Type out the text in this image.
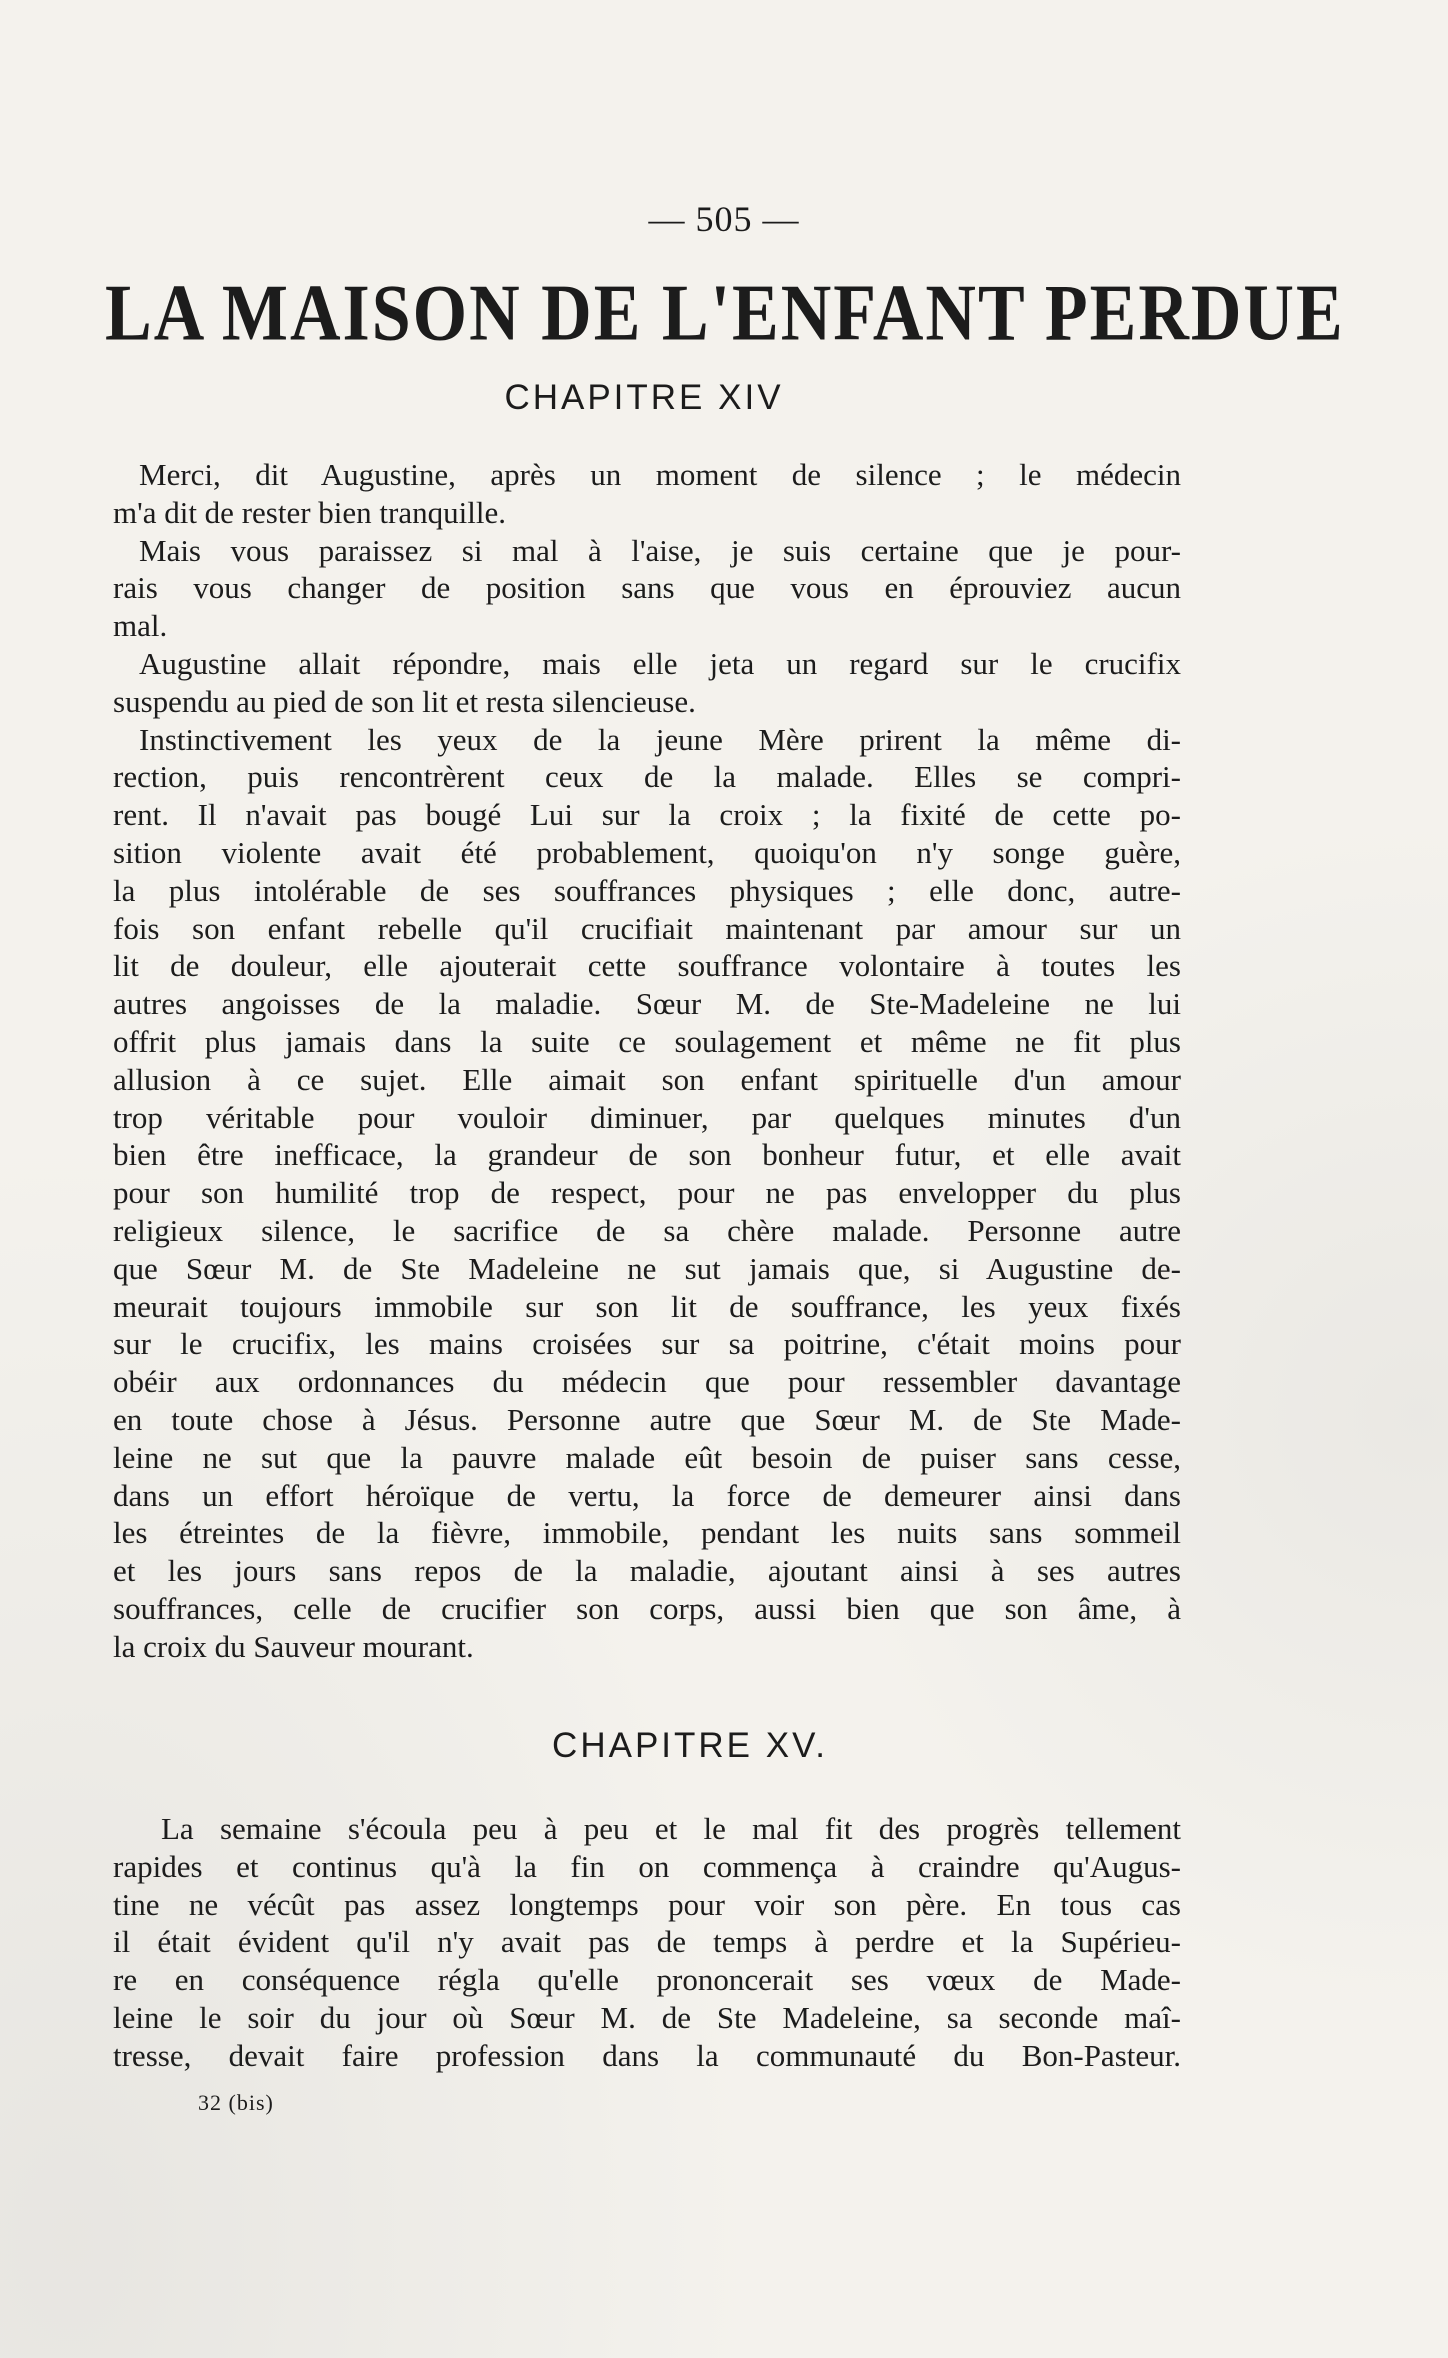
— 505 —
LA MAISON DE L'ENFANT PERDUE
CHAPITRE XIV
Merci, dit Augustine, après un moment de silence ; le médecin
m'a dit de rester bien tranquille.
Mais vous paraissez si mal à l'aise, je suis certaine que je pour-
rais vous changer de position sans que vous en éprouviez aucun
mal.
Augustine allait répondre, mais elle jeta un regard sur le crucifix
suspendu au pied de son lit et resta silencieuse.
Instinctivement les yeux de la jeune Mère prirent la même di-
rection, puis rencontrèrent ceux de la malade. Elles se compri-
rent. Il n'avait pas bougé Lui sur la croix ; la fixité de cette po-
sition violente avait été probablement, quoiqu'on n'y songe guère,
la plus intolérable de ses souffrances physiques ; elle donc, autre-
fois son enfant rebelle qu'il crucifiait maintenant par amour sur un
lit de douleur, elle ajouterait cette souffrance volontaire à toutes les
autres angoisses de la maladie. Sœur M. de Ste-Madeleine ne lui
offrit plus jamais dans la suite ce soulagement et même ne fit plus
allusion à ce sujet. Elle aimait son enfant spirituelle d'un amour
trop véritable pour vouloir diminuer, par quelques minutes d'un
bien être inefficace, la grandeur de son bonheur futur, et elle avait
pour son humilité trop de respect, pour ne pas envelopper du plus
religieux silence, le sacrifice de sa chère malade. Personne autre
que Sœur M. de Ste Madeleine ne sut jamais que, si Augustine de-
meurait toujours immobile sur son lit de souffrance, les yeux fixés
sur le crucifix, les mains croisées sur sa poitrine, c'était moins pour
obéir aux ordonnances du médecin que pour ressembler davantage
en toute chose à Jésus. Personne autre que Sœur M. de Ste Made-
leine ne sut que la pauvre malade eût besoin de puiser sans cesse,
dans un effort héroïque de vertu, la force de demeurer ainsi dans
les étreintes de la fièvre, immobile, pendant les nuits sans sommeil
et les jours sans repos de la maladie, ajoutant ainsi à ses autres
souffrances, celle de crucifier son corps, aussi bien que son âme, à
la croix du Sauveur mourant.
CHAPITRE XV.
La semaine s'écoula peu à peu et le mal fit des progrès tellement
rapides et continus qu'à la fin on commença à craindre qu'Augus-
tine ne vécût pas assez longtemps pour voir son père. En tous cas
il était évident qu'il n'y avait pas de temps à perdre et la Supérieu-
re en conséquence régla qu'elle prononcerait ses vœux de Made-
leine le soir du jour où Sœur M. de Ste Madeleine, sa seconde maî-
tresse, devait faire profession dans la communauté du Bon-Pasteur.
32 (bis)
